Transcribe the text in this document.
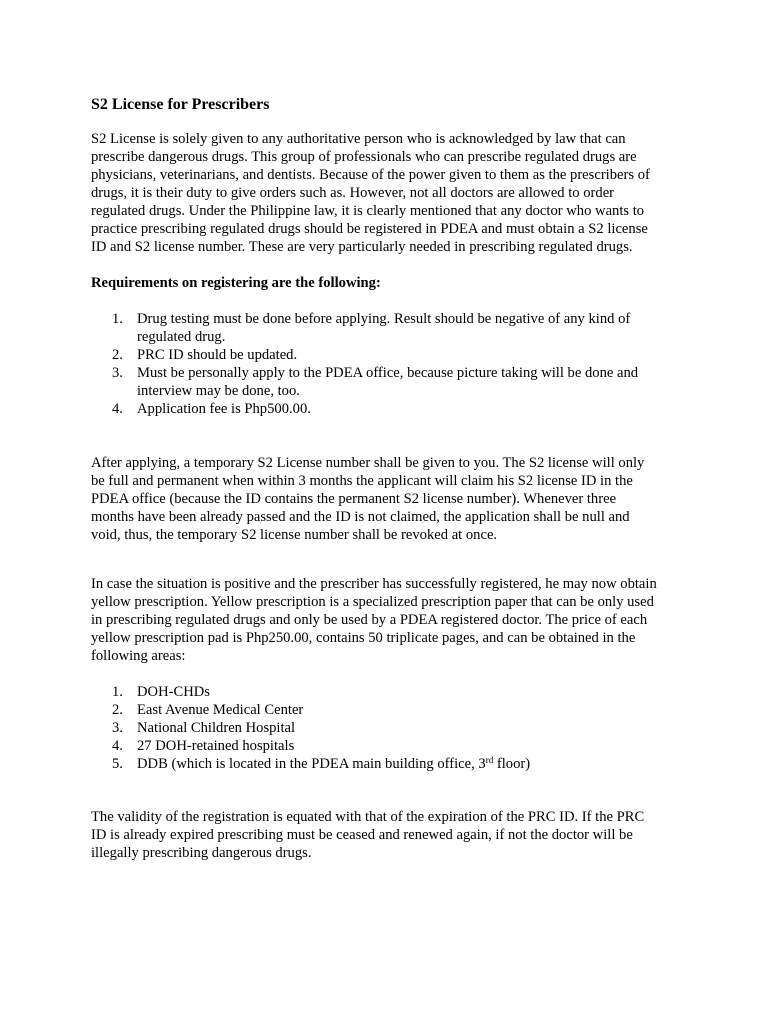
S2 License for Prescribers
S2 License is solely given to any authoritative person who is acknowledged by law that can
prescribe dangerous drugs. This group of professionals who can prescribe regulated drugs are
physicians, veterinarians, and dentists. Because of the power given to them as the prescribers of
drugs, it is their duty to give orders such as. However, not all doctors are allowed to order
regulated drugs. Under the Philippine law, it is clearly mentioned that any doctor who wants to
practice prescribing regulated drugs should be registered in PDEA and must obtain a S2 license
ID and S2 license number. These are very particularly needed in prescribing regulated drugs.
Requirements on registering are the following:
1. Drug testing must be done before applying. Result should be negative of any kind of
regulated drug.
2. PRC ID should be updated.
3. Must be personally apply to the PDEA office, because picture taking will be done and
interview may be done, too.
4. Application fee is Php500.00.
After applying, a temporary S2 License number shall be given to you. The S2 license will only
be full and permanent when within 3 months the applicant will claim his S2 license ID in the
PDEA office (because the ID contains the permanent S2 license number). Whenever three
months have been already passed and the ID is not claimed, the application shall be null and
void, thus, the temporary S2 license number shall be revoked at once.
In case the situation is positive and the prescriber has successfully registered, he may now obtain
yellow prescription. Yellow prescription is a specialized prescription paper that can be only used
in prescribing regulated drugs and only be used by a PDEA registered doctor. The price of each
yellow prescription pad is Php250.00, contains 50 triplicate pages, and can be obtained in the
following areas:
1. DOH-CHDs
2. East Avenue Medical Center
3. National Children Hospital
4. 27 DOH-retained hospitals
5. DDB (which is located in the PDEA main building office, 3rd floor)
The validity of the registration is equated with that of the expiration of the PRC ID. If the PRC
ID is already expired prescribing must be ceased and renewed again, if not the doctor will be
illegally prescribing dangerous drugs.
